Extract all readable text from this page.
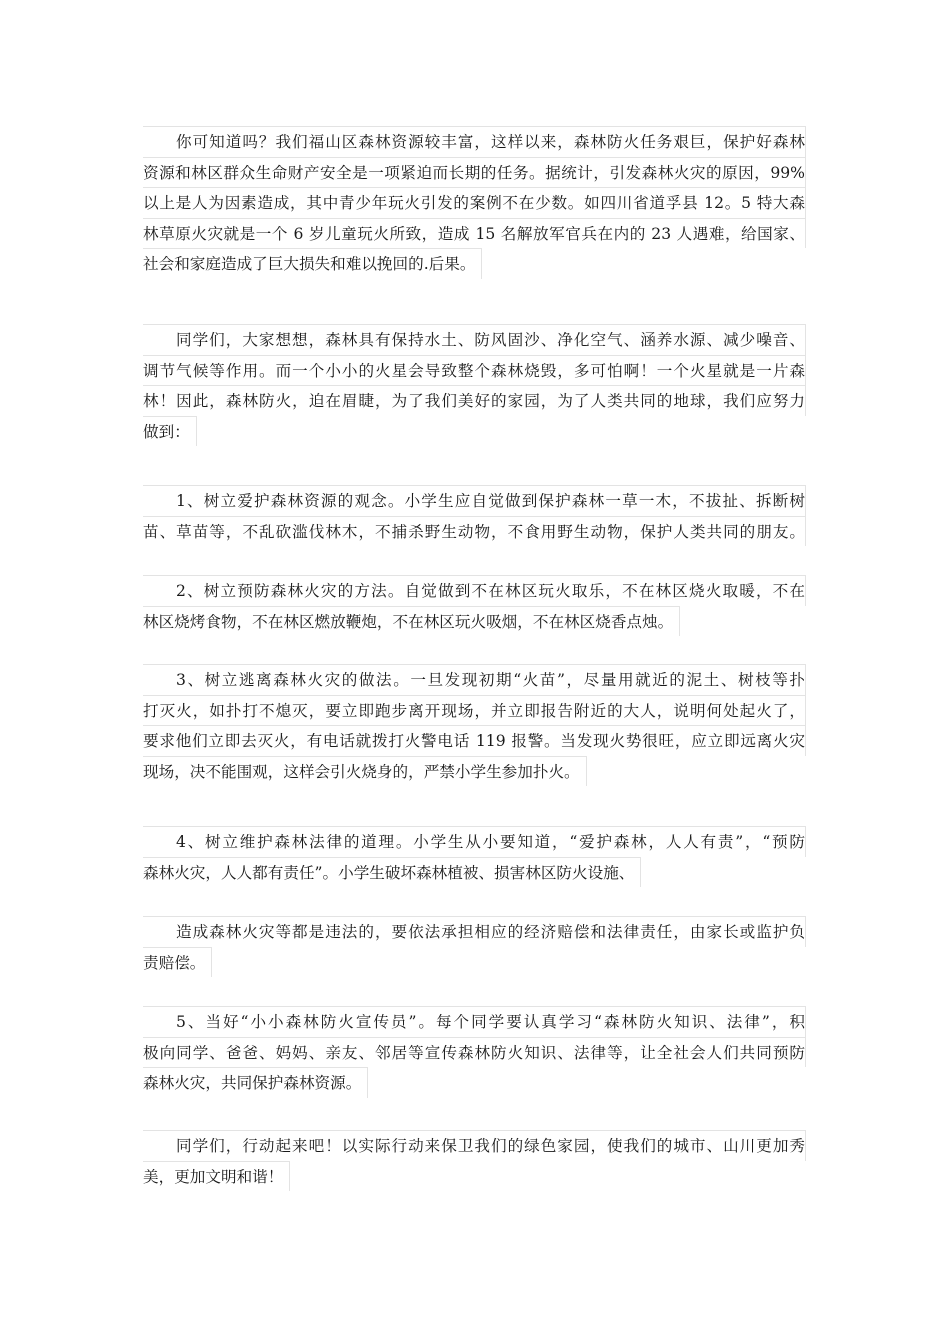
你可知道吗？我们福山区森林资源较丰富，这样以来，森林防火任务艰巨，保护好森林
资源和林区群众生命财产安全是一项紧迫而长期的任务。据统计，引发森林火灾的原因，99%
以上是人为因素造成，其中青少年玩火引发的案例不在少数。如四川省道孚县 12。5 特大森
林草原火灾就是一个 6 岁儿童玩火所致，造成 15 名解放军官兵在内的 23 人遇难，给国家、
社会和家庭造成了巨大损失和难以挽回的.后果。
同学们，大家想想，森林具有保持水土、防风固沙、净化空气、涵养水源、减少噪音、
调节气候等作用。而一个小小的火星会导致整个森林烧毁，多可怕啊！一个火星就是一片森
林！因此，森林防火，迫在眉睫，为了我们美好的家园，为了人类共同的地球，我们应努力
做到：
1、树立爱护森林资源的观念。小学生应自觉做到保护森林一草一木，不拔扯、拆断树
苗、草苗等，不乱砍滥伐林木，不捕杀野生动物，不食用野生动物，保护人类共同的朋友。
2、树立预防森林火灾的方法。自觉做到不在林区玩火取乐，不在林区烧火取暖，不在
林区烧烤食物，不在林区燃放鞭炮，不在林区玩火吸烟，不在林区烧香点烛。
3、树立逃离森林火灾的做法。一旦发现初期“火苗”，尽量用就近的泥土、树枝等扑
打灭火，如扑打不熄灭，要立即跑步离开现场，并立即报告附近的大人，说明何处起火了，
要求他们立即去灭火，有电话就拨打火警电话 119 报警。当发现火势很旺，应立即远离火灾
现场，决不能围观，这样会引火烧身的，严禁小学生参加扑火。
4、树立维护森林法律的道理。小学生从小要知道，“爱护森林，人人有责”，“预防
森林火灾，人人都有责任”。小学生破坏森林植被、损害林区防火设施、
造成森林火灾等都是违法的，要依法承担相应的经济赔偿和法律责任，由家长或监护负
责赔偿。
5、当好“小小森林防火宣传员”。每个同学要认真学习“森林防火知识、法律”，积
极向同学、爸爸、妈妈、亲友、邻居等宣传森林防火知识、法律等，让全社会人们共同预防
森林火灾，共同保护森林资源。
同学们，行动起来吧！以实际行动来保卫我们的绿色家园，使我们的城市、山川更加秀
美，更加文明和谐！
